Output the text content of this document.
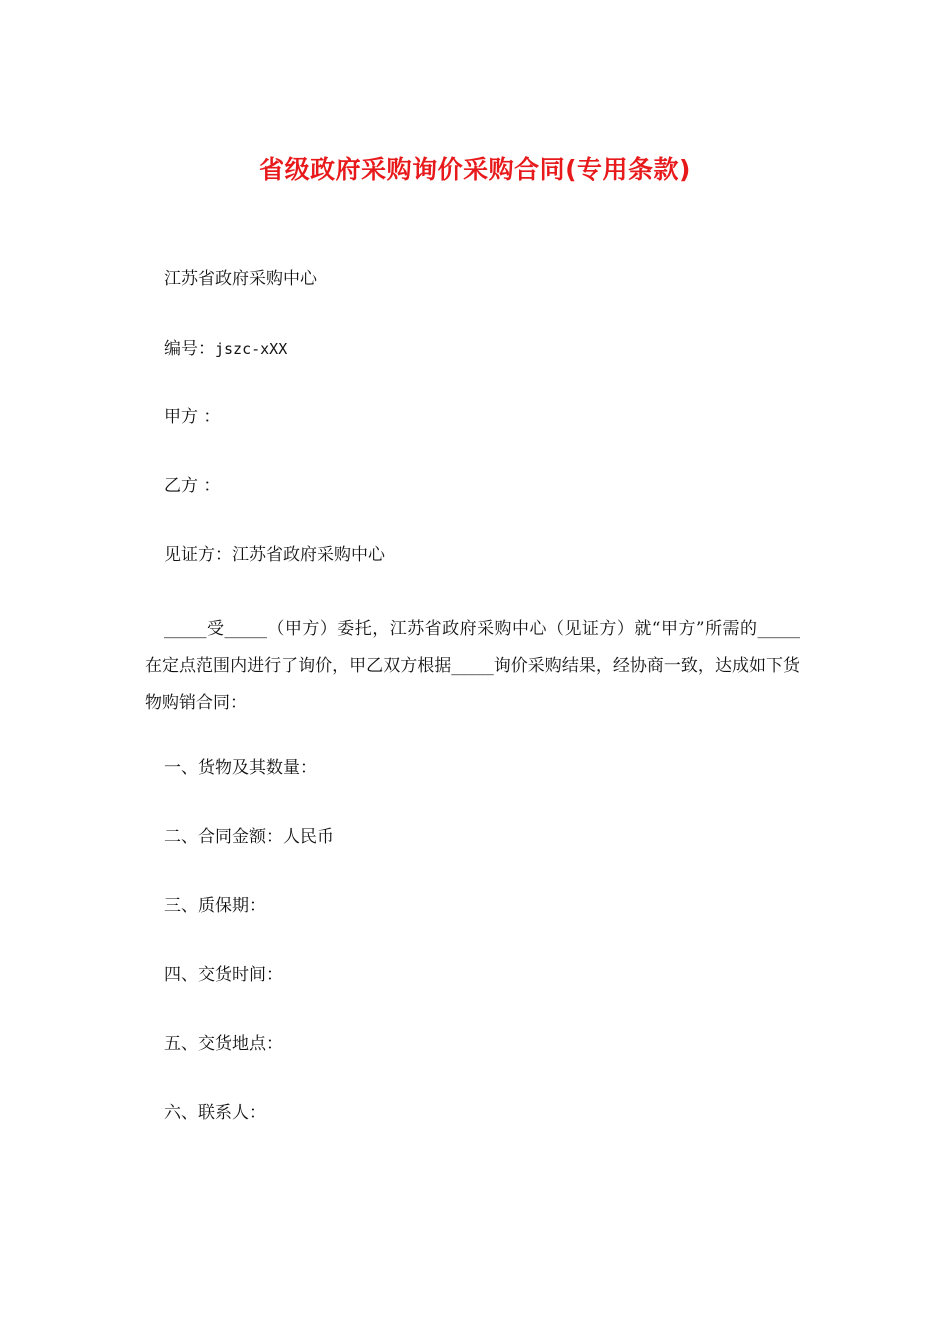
省级政府采购询价采购合同(专用条款)
江苏省政府采购中心
编号：jszc-xXX
甲方 ：
乙方 ：
见证方：江苏省政府采购中心
_____受_____（甲方）委托，江苏省政府采购中心（见证方）就“甲方”所需的_____在定点范围内进行了询价，甲乙双方根据_____询价采购结果，经协商一致，达成如下货物购销合同：
一、货物及其数量：
二、合同金额：人民币
三、质保期：
四、交货时间：
五、交货地点：
六、联系人：
